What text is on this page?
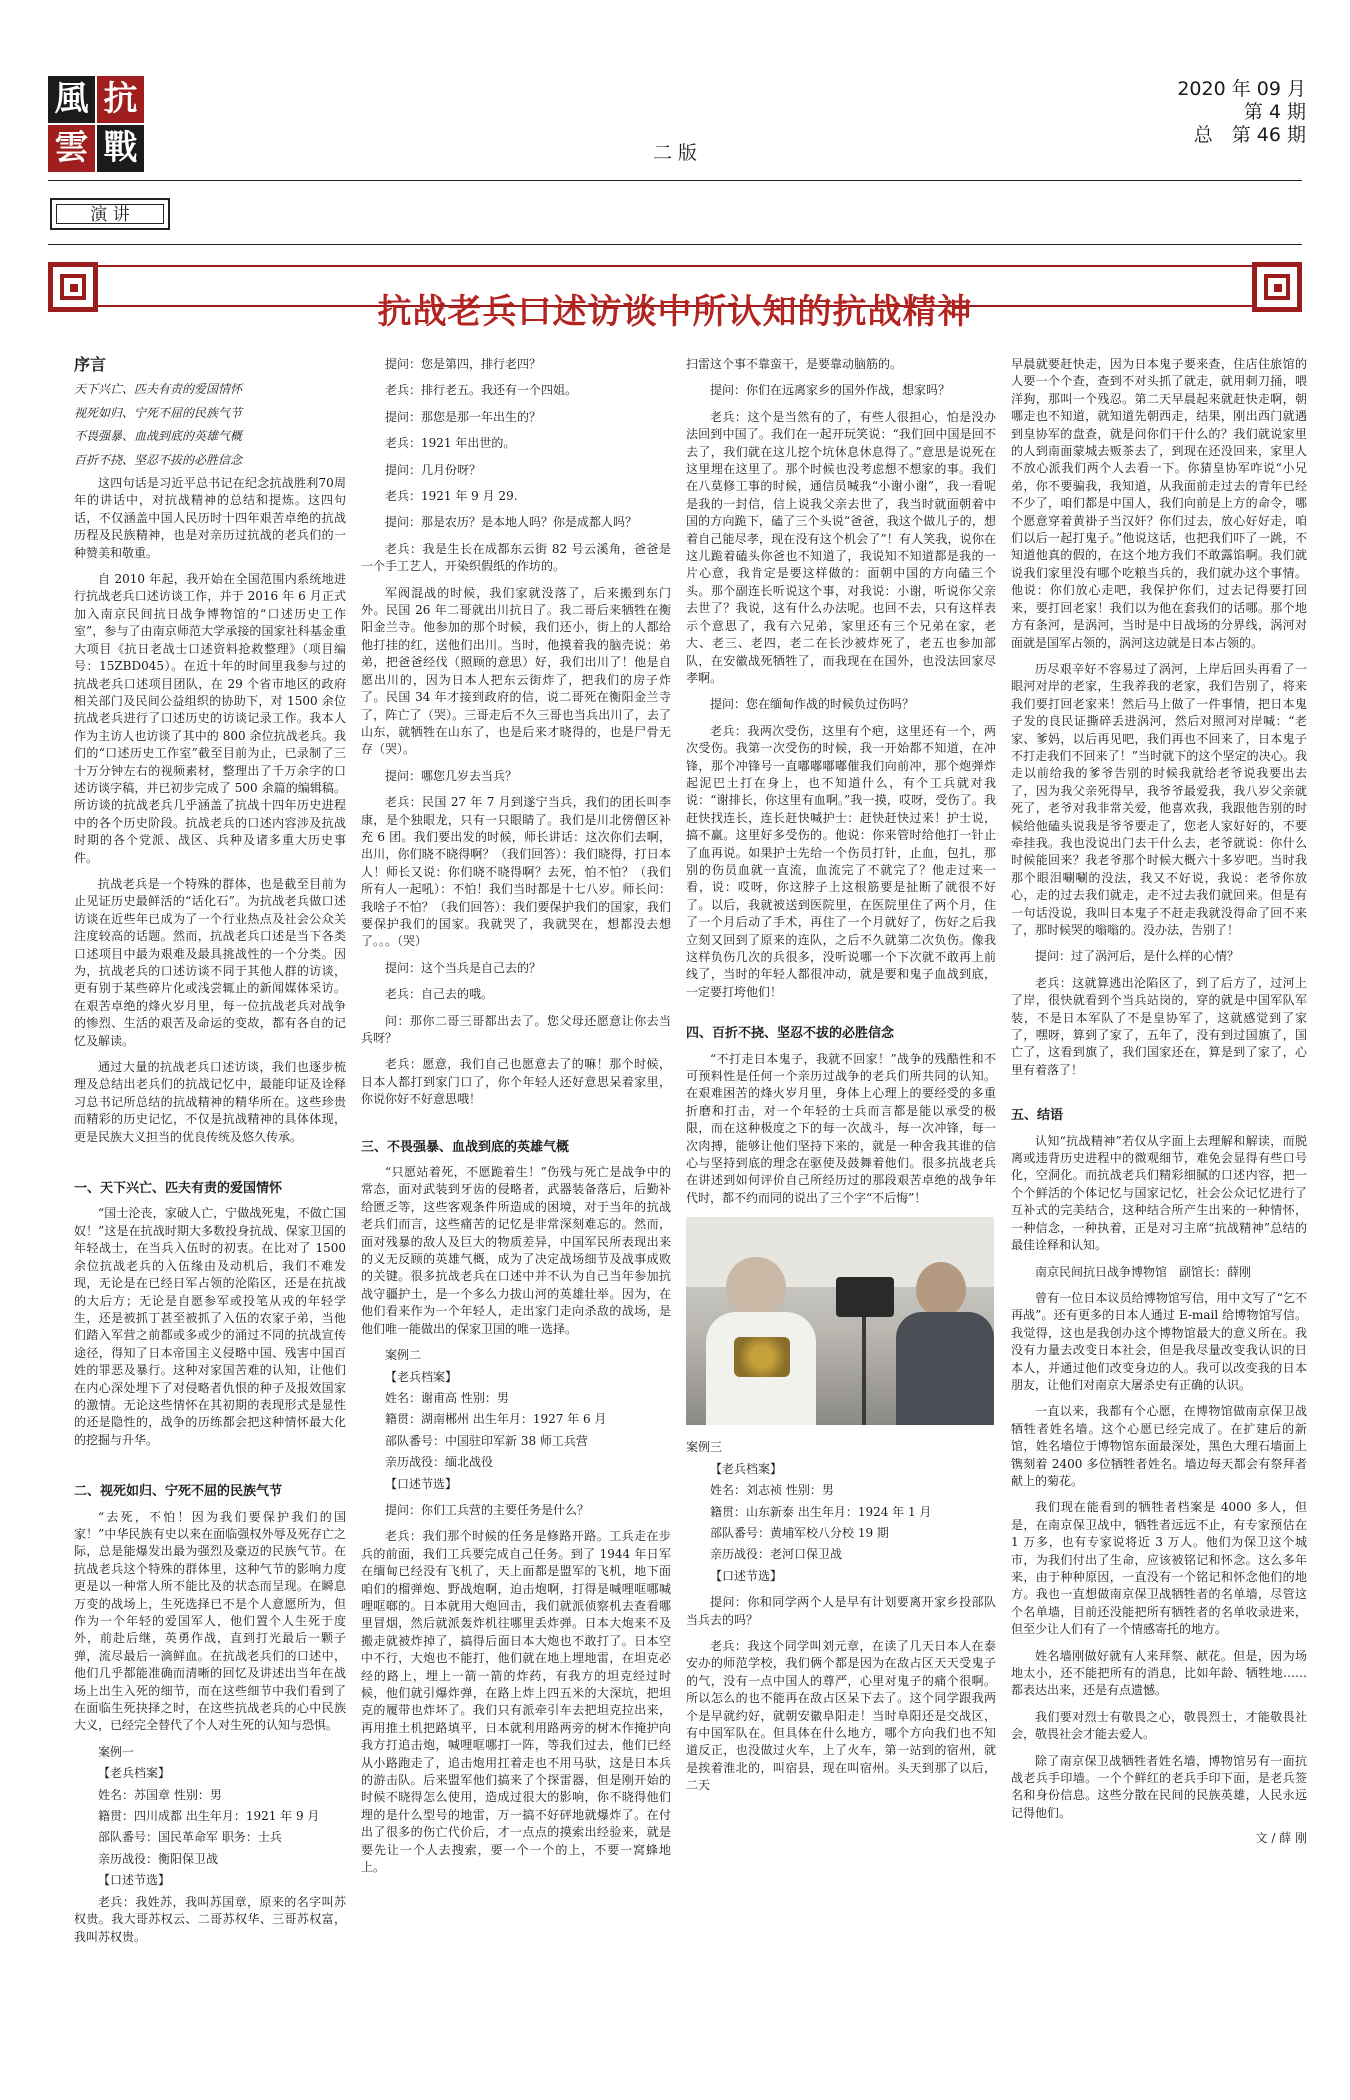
抗
風
戰
雲
2020 年 09 月
第 4 期
总　第 46 期
二 版
演 讲
抗战老兵口述访谈中所认知的抗战精神
序言

天下兴亡、匹夫有责的爱国情怀

视死如归、宁死不屈的民族气节

不畏强暴、血战到底的英雄气概

百折不挠、坚忍不拔的必胜信念

这四句话是习近平总书记在纪念抗战胜利70周年的讲话中，对抗战精神的总结和提炼。这四句话，不仅涵盖中国人民历时十四年艰苦卓绝的抗战历程及民族精神，也是对亲历过抗战的老兵们的一种赞美和敬重。

自 2010 年起，我开始在全国范围内系统地进行抗战老兵口述访谈工作，并于 2016 年 6 月正式加入南京民间抗日战争博物馆的“口述历史工作室”，参与了由南京师范大学承接的国家社科基金重大项目《抗日老战士口述资料抢救整理》（项目编号：15ZBD045）。在近十年的时间里我参与过的抗战老兵口述项目团队，在 29 个省市地区的政府相关部门及民间公益组织的协助下，对 1500 余位抗战老兵进行了口述历史的访谈记录工作。我本人作为主访人也访谈了其中的 800 余位抗战老兵。我们的“口述历史工作室”截至目前为止，已录制了三十万分钟左右的视频素材，整理出了千万余字的口述访谈字稿，并已初步完成了 500 余篇的编辑稿。所访谈的抗战老兵几乎涵盖了抗战十四年历史进程中的各个历史阶段。抗战老兵的口述内容涉及抗战时期的各个党派、战区、兵种及诸多重大历史事件。

抗战老兵是一个特殊的群体，也是截至目前为止见证历史最鲜活的“话化石”。为抗战老兵做口述访谈在近些年已成为了一个行业热点及社会公众关注度较高的话题。然而，抗战老兵口述是当下各类口述项目中最为艰难及最具挑战性的一个分类。因为，抗战老兵的口述访谈不同于其他人群的访谈，更有别于某些碎片化或浅尝辄止的新闻媒体采访。在艰苦卓绝的烽火岁月里，每一位抗战老兵对战争的惨烈、生活的艰苦及命运的变故，都有各自的记忆及解读。

通过大量的抗战老兵口述访谈，我们也逐步梳理及总结出老兵们的抗战记忆中，最能印证及诠释习总书记所总结的抗战精神的精华所在。这些珍贵而精彩的历史记忆，不仅是抗战精神的具体体现，更是民族大义担当的优良传统及悠久传承。

一、天下兴亡、匹夫有责的爱国情怀

“国士沦丧，家破人亡，宁做战死鬼，不做亡国奴！”这是在抗战时期大多数投身抗战、保家卫国的年轻战士，在当兵入伍时的初衷。在比对了 1500 余位抗战老兵的入伍缘由及动机后，我们不难发现，无论是在已经日军占领的沦陷区，还是在抗战的大后方；无论是自愿参军或投笔从戎的年轻学生，还是被抓丁甚至被抓了入伍的农家子弟，当他们踏入军营之前都或多或少的涌过不同的抗战宣传途径，得知了日本帝国主义侵略中国、残害中国百姓的罪恶及暴行。这种对家国苦难的认知，让他们在内心深处埋下了对侵略者仇恨的种子及报效国家的激情。无论这些情怀在其初期的表现形式是显性的还是隐性的，战争的历练都会把这种情怀最大化的挖掘与升华。

二、视死如归、宁死不屈的民族气节

“去死，不怕！因为我们要保护我们的国家！”中华民族有史以来在面临强权外辱及死存亡之际，总是能爆发出最为强烈及豪迈的民族气节。在抗战老兵这个特殊的群体里，这种气节的影响力度更是以一种常人所不能比及的状态而呈现。在瞬息万变的战场上，生死选择已不是个人意愿所为，但作为一个年轻的爱国军人，他们置个人生死于度外，前赴后继，英勇作战，直到打光最后一颗子弹，流尽最后一滴鲜血。在抗战老兵们的口述中，他们几乎都能准确而清晰的回忆及讲述出当年在战场上出生入死的细节，而在这些细节中我们看到了在面临生死抉择之时，在这些抗战老兵的心中民族大义，已经完全替代了个人对生死的认知与恐惧。

案例一

【老兵档案】

姓名：苏国章 性别：男

籍贯：四川成都 出生年月：1921 年 9 月

部队番号：国民革命军 职务：士兵

亲历战役：衡阳保卫战

【口述节选】

老兵：我姓苏，我叫苏国章，原来的名字叫苏权贵。我大哥苏权云、二哥苏权华、三哥苏权富，我叫苏权贵。

提问：您是第四，排行老四？

老兵：排行老五。我还有一个四姐。

提问：那您是那一年出生的？

老兵：1921 年出世的。

提问：几月份呀？

老兵：1921 年 9 月 29.

提问：那是农历？是本地人吗？你是成都人吗？

老兵：我是生长在成都东云街 82 号云溪角，爸爸是一个手工艺人，开染织假纸的作坊的。

军阀混战的时候，我们家就没落了，后来搬到东门外。民国 26 年二哥就出川抗日了。我二哥后来牺牲在衡阳金兰寺。他参加的那个时候，我们还小，街上的人都给他打挂的红，送他们出川。当时，他摸着我的脑壳说：弟弟，把爸爸经伐（照顾的意思）好，我们出川了！他是自愿出川的，因为日本人把东云街炸了，把我们的房子炸了。民国 34 年才接到政府的信，说二哥死在衡阳金兰寺了，阵亡了（哭）。三哥走后不久三哥也当兵出川了，去了山东，就牺牲在山东了，也是后来才晓得的，也是尸骨无存（哭）。

提问：哪您几岁去当兵？

老兵：民国 27 年 7 月到遂宁当兵，我们的团长叫李康，是个独眼龙，只有一只眼睛了。我们是川北傍僧区补充 6 团。我们要出发的时候，师长讲话：这次你们去啊，出川，你们晓不晓得啊？（我们回答）：我们晓得，打日本人！师长又说：你们晓不晓得啊？去死，怕不怕？（我们所有人一起吼）：不怕！我们当时都是十七八岁。师长问：我啥子不怕？（我们回答）：我们要保护我们的国家，我们要保护我们的国家。我就哭了，我就哭在，想都没去想了。。。（哭）

提问：这个当兵是自己去的？

老兵：自己去的哦。

问：那你二哥三哥都出去了。您父母还愿意让你去当兵呀？

老兵：愿意，我们自己也愿意去了的嘛！那个时候，日本人都打到家门口了，你个年轻人还好意思呆着家里，你说你好不好意思哦！

三、不畏强暴、血战到底的英雄气概

“只愿站着死，不愿跪着生！”伤残与死亡是战争中的常态，面对武装到牙齿的侵略者，武器装备落后，后勤补给匮乏等，这些客观条件所造成的困境，对于当年的抗战老兵们而言，这些痛苦的记忆是非常深刻难忘的。然而，面对残暴的敌人及巨大的物质差异，中国军民所表现出来的义无反顾的英雄气概，成为了决定战场细节及战事成败的关键。很多抗战老兵在口述中并不认为自己当年参加抗战守疆护土，是一个多么力拔山河的英雄壮举。因为，在他们看来作为一个年轻人，走出家门走向杀敌的战场，是他们唯一能做出的保家卫国的唯一选择。

案例二

【老兵档案】

姓名：谢甫高 性别：男

籍贯：湖南郴州 出生年月：1927 年 6 月

部队番号：中国驻印军新 38 师工兵营

亲历战役：缅北战役

【口述节选】

提问：你们工兵营的主要任务是什么？

老兵：我们那个时候的任务是修路开路。工兵走在步兵的前面，我们工兵要完成自己任务。到了 1944 年日军在缅甸已经没有飞机了，天上面都是盟军的飞机，地下面咱们的榴弹炮、野战炮啊，迫击炮啊，打得是喊哩哐哪喊哩哐啷的。日本就用大炮回击，我们就派侦察机去查看哪里冒烟，然后就派轰炸机往哪里丢炸弹。日本大炮来不及搬走就被炸掉了，搞得后面日本大炮也不敢打了。日本空中不行，大炮也不能打，他们就在地上埋地雷，在坦克必经的路上，埋上一箭一箭的炸药，有我方的坦克经过时候，他们就引爆炸弹，在路上炸上四五米的大深坑，把坦克的履带也炸坏了。我们只有派牵引车去把坦克拉出来，再用推土机把路填平，日本就利用路两旁的树木作掩护向我方打追击炮，喊哩哐哪打一阵，等我们过去，他们已经从小路跑走了，追击炮用扛着走也不用马驮，这是日本兵的游击队。后来盟军他们搞来了个探雷器，但是刚开始的时候不晓得怎么使用，造成过很大的影响，你不晓得他们埋的是什么型号的地雷，万一搞不好砰地就爆炸了。在付出了很多的伤亡代价后，才一点点的摸索出经验来，就是要先让一个人去搜索，要一个一个的上，不要一窝蜂地上。

扫雷这个事不靠蛮干，是要靠动脑筋的。

提问：你们在远离家乡的国外作战，想家吗？

老兵：这个是当然有的了，有些人很担心，怕是没办法回到中国了。我们在一起开玩笑说：“我们回中国是回不去了，我们就在这儿挖个坑休息休息得了。”意思是说死在这里埋在这里了。那个时候也没考虑想不想家的事。我们在八莫修工事的时候，通信员喊我“小谢小谢”，我一看呢是我的一封信，信上说我父亲去世了，我当时就面朝着中国的方向跪下，磕了三个头说“爸爸，我这个做儿子的，想着自己能尽孝，现在没有这个机会了”！有人笑我，说你在这儿跪着磕头你爸也不知道了，我说知不知道都是我的一片心意，我肯定是要这样做的：面朝中国的方向磕三个头。那个副连长听说这个事，对我说：小谢，听说你父亲去世了？我说，这有什么办法呢。也回不去，只有这样表示个意思了，我有六兄弟，家里还有三个兄弟在家，老大、老三、老四，老二在长沙被炸死了，老五也参加部队，在安徽战死牺牲了，而我现在在国外，也没法回家尽孝啊。

提问：您在缅甸作战的时候负过伤吗？

老兵：我两次受伤，这里有个疤，这里还有一个，两次受伤。我第一次受伤的时候，我一开始都不知道，在冲锋，那个冲锋号一直嘟嘟嘟嘟催我们向前冲，那个炮弹炸起泥巴土打在身上，也不知道什么，有个工兵就对我说：“谢排长，你这里有血啊。”我一摸，哎呀，受伤了。我赶快找连长，连长赶快喊护士：赶快赶快过来！护士说，搞不赢。这里好多受伤的。他说：你来管时给他打一针止了血再说。如果护士先给一个伤员打针，止血，包扎，那别的伤员血就一直流，血流完了不就完了？他走过来一看，说：哎呀，你这脖子上这根筋要是扯断了就很不好了。以后，我就被送到医院里，在医院里住了两个月，住了一个月后动了手术，再住了一个月就好了，伤好之后我立刻又回到了原来的连队，之后不久就第二次负伤。像我这样负伤几次的兵很多，没听说哪一个下次就不敢再上前线了，当时的年轻人都很冲动，就是要和鬼子血战到底，一定要打垮他们！

四、百折不挠、坚忍不拔的必胜信念

“不打走日本鬼子，我就不回家！”战争的残酷性和不可预料性是任何一个亲历过战争的老兵们所共同的认知。在艰难困苦的烽火岁月里，身体上心理上的要经受的多重折磨和打击，对一个年轻的士兵而言都是能以承受的极限，而在这种极度之下的每一次战斗，每一次冲锋，每一次肉搏，能够让他们坚持下来的，就是一种舍我其谁的信心与坚持到底的理念在驱使及鼓舞着他们。很多抗战老兵在讲述到如何评价自己所经历过的那段艰苦卓绝的战争年代时，都不约而同的说出了三个字“不后悔”！

案例三

【老兵档案】

姓名：刘志祯 性别：男

籍贯：山东新泰 出生年月：1924 年 1 月

部队番号：黄埔军校八分校 19 期

亲历战役：老河口保卫战

【口述节选】

提问：你和同学两个人是早有计划要离开家乡投部队当兵去的吗？

老兵：我这个同学叫刘元章，在读了几天日本人在泰安办的师范学校，我们俩个都是因为在敌占区天天受鬼子的气，没有一点中国人的尊严，心里对鬼子的痛个很啊。所以怎么的也不能再在敌占区呆下去了。这个同学跟我两个是早就约好，就朝安徽阜阳走！当时阜阳还是交战区，有中国军队在。但具体在什么地方，哪个方向我们也不知道反正，也没做过火车，上了火车，第一站到的宿州，就是挨着淮北的，叫宿县，现在叫宿州。头天到那了以后，二天

早晨就要赶快走，因为日本鬼子要来查，住店住旅馆的人要一个个查，查到不对头抓了就走，就用刺刀捅，喂洋狗，那叫一个残忍。第二天早晨起来就赶快走啊，朝哪走也不知道，就知道先朝西走，结果，刚出西门就遇到皇协军的盘查，就是问你们干什么的？我们就说家里的人到南面蒙城去贩茶去了，到现在还没回来，家里人不放心派我们两个人去看一下。你猜皇协军咋说“小兄弟，你不要骗我，我知道，从我面前走过去的青年已经不少了，咱们都是中国人，我们向前是上方的命令，哪个愿意穿着黄褂子当汉奸？你们过去，放心好好走，咱们以后一起打鬼子。”他说这话，也把我们吓了一跳，不知道他真的假的，在这个地方我们不敢露馅啊。我们就说我们家里没有哪个吃粮当兵的，我们就办这个事情。他说：你们放心走吧，我保护你们，过去记得要打回来，要打回老家！我们以为他在套我们的话哪。那个地方有条河，是涡河，当时是中日战场的分界线，涡河对面就是国军占领的，涡河这边就是日本占领的。

历尽艰辛好不容易过了涡河，上岸后回头再看了一眼河对岸的老家，生我养我的老家，我们告别了，将来我们要打回老家来！然后马上做了一件事情，把日本鬼子发的良民证撕碎丢进涡河，然后对照河对岸喊：“老家、爹妈，以后再见吧，我们再也不回来了，日本鬼子不打走我们不回来了！”当时就下的这个坚定的决心。我走以前给我的爹爷告别的时候我就给老爷说我要出去了，因为我父亲死得早，我爷爷最爱我，我八岁父亲就死了，老爷对我非常关爱，他喜欢我，我跟他告别的时候给他磕头说我是爷爷要走了，您老人家好好的，不要牵挂我。我也没说出门去干什么去，老爷就说：你什么时候能回来？我老爷那个时候大概六十多岁吧。当时我那个眼泪唰唰的没法，我又不好说，我说：老爷你放心，走的过去我们就走，走不过去我们就回来。但是有一句话没说，我叫日本鬼子不赶走我就没得命了回不来了，那时候哭的嗡嗡的。没办法，告别了！

提问：过了涡河后，是什么样的心情？

老兵：这就算逃出沦陷区了，到了后方了，过河上了岸，很快就看到个当兵站岗的，穿的就是中国军队军装，不是日本军队了不是皇协军了，这就感觉到了家了，嘿呀，算到了家了，五年了，没有到过国旗了，国亡了，这看到旗了，我们国家还在，算是到了家了，心里有着落了！

五、结语

认知“抗战精神”若仅从字面上去理解和解读，而脱离或违背历史进程中的微观细节，难免会显得有些口号化，空洞化。而抗战老兵们精彩细腻的口述内容，把一个个鲜活的个体记忆与国家记忆，社会公众记忆进行了互补式的完美结合，这种结合所产生出来的一种情怀，一种信念，一种执着，正是对习主席“抗战精神”总结的最佳诠释和认知。

南京民间抗日战争博物馆　副馆长：薛刚

曾有一位日本议员给博物馆写信，用中文写了“乞不再战”。还有更多的日本人通过 E-mail 给博物馆写信。我觉得，这也是我创办这个博物馆最大的意义所在。我没有力量去改变日本社会，但是我尽量改变我认识的日本人，并通过他们改变身边的人。我可以改变我的日本朋友，让他们对南京大屠杀史有正确的认识。

一直以来，我都有个心愿，在博物馆做南京保卫战牺牲者姓名墙。这个心愿已经完成了。在扩建后的新馆，姓名墙位于博物馆东面最深处，黑色大理石墙面上镌刻着 2400 多位牺牲者姓名。墙边每天都会有祭拜者献上的菊花。

我们现在能看到的牺牲者档案是 4000 多人，但是，在南京保卫战中，牺牲者远远不止，有专家预估在 1 万多，也有专家说将近 3 万人。他们为保卫这个城市，为我们付出了生命，应该被铭记和怀念。这么多年来，由于种种原因，一直没有一个铭记和怀念他们的地方。我也一直想做南京保卫战牺牲者的名单墙，尽管这个名单墙，目前还没能把所有牺牲者的名单收录进来，但至少让人们有了一个情感寄托的地方。

姓名墙刚做好就有人来拜祭、献花。但是，因为场地太小，还不能把所有的消息，比如年龄、牺牲地……都表达出来，还是有点遗憾。

我们要对烈士有敬畏之心，敬畏烈士，才能敬畏社会，敬畏社会才能去爱人。

除了南京保卫战牺牲者姓名墙，博物馆另有一面抗战老兵手印墙。一个个鲜红的老兵手印下面，是老兵签名和身份信息。这些分散在民间的民族英雄，人民永远记得他们。

文 / 薛 刚
